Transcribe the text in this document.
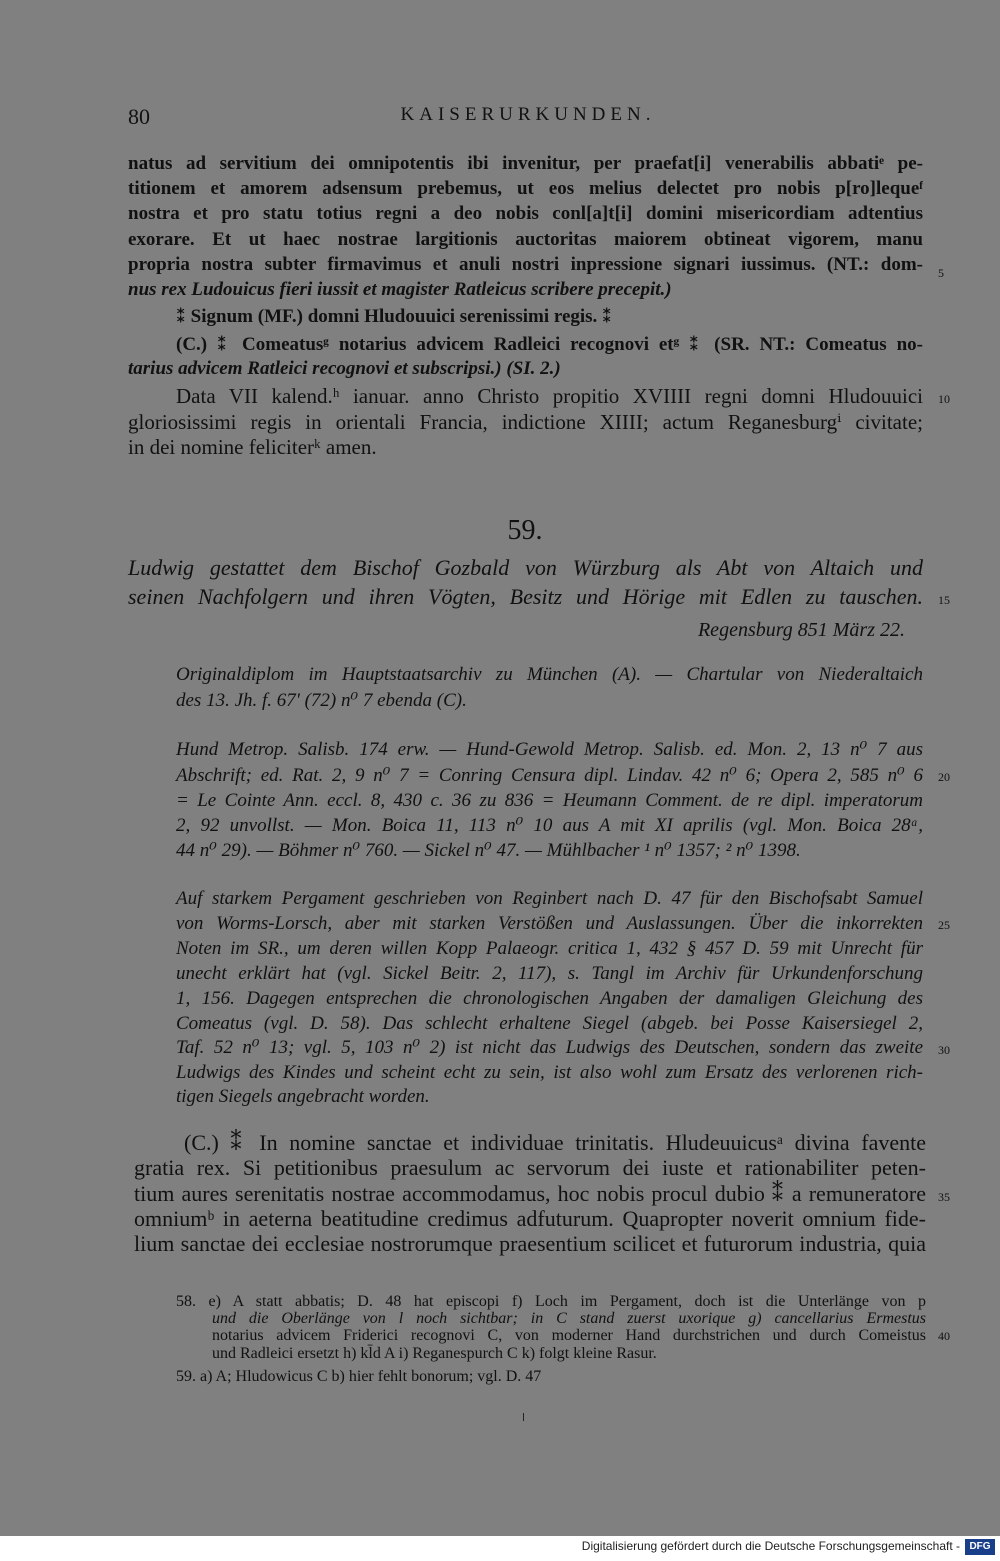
80	KAISERURKUNDEN.
natus ad servitium dei omnipotentis ibi invenitur, per praefat[i] venerabilis abbatiᵉ pe-
titionem et amorem adsensum prebemus, ut eos melius delectet pro nobis p[ro]lequeᶠ
nostra et pro statu totius regni a deo nobis conl[a]t[i] domini misericordiam adtentius
exorare. Et ut haec nostrae largitionis auctoritas maiorem obtineat vigorem, manu
propria nostra subter firmavimus et anuli nostri inpressione signari iussimus. (NT.: dom-
nus rex Ludouicus fieri iussit et magister Ratleicus scribere precepit.)
⁑ Signum (MF.) domni Hludouuici serenissimi regis. ⁑
(C.) ⁑ Comeatusᵍ notarius advicem Radleici recognovi etᵍ ⁑ (SR. NT.: Comeatus no-
tarius advicem Ratleici recognovi et subscripsi.) (SI. 2.)
Data VII kalend.ʰ ianuar. anno Christo propitio XVIIII regni domni Hludouuici
gloriosissimi regis in orientali Francia, indictione XIIII; actum Reganesburgⁱ civitate;
in dei nomine feliciterᵏ amen.
59.
Ludwig gestattet dem Bischof Gozbald von Würzburg als Abt von Altaich und
seinen Nachfolgern und ihren Vögten, Besitz und Hörige mit Edlen zu tauschen.
Regensburg 851 März 22.
Originaldiplom im Hauptstaatsarchiv zu München (A). — Chartular von Niederaltaich
des 13. Jh. f. 67' (72) n⁰ 7 ebenda (C).
Hund Metrop. Salisb. 174 erw. — Hund-Gewold Metrop. Salisb. ed. Mon. 2, 13 n⁰ 7 aus
Abschrift; ed. Rat. 2, 9 n⁰ 7 = Conring Censura dipl. Lindav. 42 n⁰ 6; Opera 2, 585 n⁰ 6
= Le Cointe Ann. eccl. 8, 430 c. 36 zu 836 = Heumann Comment. de re dipl. imperatorum
2, 92 unvollst. — Mon. Boica 11, 113 n⁰ 10 aus A mit XI aprilis (vgl. Mon. Boica 28ᵃ,
44 n⁰ 29). — Böhmer n⁰ 760. — Sickel n⁰ 47. — Mühlbacher ¹ n⁰ 1357; ² n⁰ 1398.
Auf starkem Pergament geschrieben von Reginbert nach D. 47 für den Bischofsabt Samuel
von Worms-Lorsch, aber mit starken Verstößen und Auslassungen. Über die inkorrekten
Noten im SR., um deren willen Kopp Palaeogr. critica 1, 432 § 457 D. 59 mit Unrecht für
unecht erklärt hat (vgl. Sickel Beitr. 2, 117), s. Tangl im Archiv für Urkundenforschung
1, 156. Dagegen entsprechen die chronologischen Angaben der damaligen Gleichung des
Comeatus (vgl. D. 58). Das schlecht erhaltene Siegel (abgeb. bei Posse Kaisersiegel 2,
Taf. 52 n⁰ 13; vgl. 5, 103 n⁰ 2) ist nicht das Ludwigs des Deutschen, sondern das zweite
Ludwigs des Kindes und scheint echt zu sein, ist also wohl zum Ersatz des verlorenen rich-
tigen Siegels angebracht worden.
(C.) ⁑ In nomine sanctae et individuae trinitatis. Hludeuuicusᵃ divina favente
gratia rex. Si petitionibus praesulum ac servorum dei iuste et rationabiliter peten-
tium aures serenitatis nostrae accommodamus, hoc nobis procul dubio ⁑ a remuneratore
omniumᵇ in aeterna beatitudine credimus adfuturum. Quapropter noverit omnium fide-
lium sanctae dei ecclesiae nostrorumque praesentium scilicet et futurorum industria, quia
58. e) A statt abbatis; D. 48 hat episcopi f) Loch im Pergament, doch ist die Unterlänge von p
und die Oberlänge von l noch sichtbar; in C stand zuerst uxorique g) cancellarius Ermestus
notarius advicem Friderici recognovi C, von moderner Hand durchstrichen und durch Comeistus
und Radleici ersetzt h) kl̄d A i) Reganespurch C k) folgt kleine Rasur.
59. a) A; Hludowicus C b) hier fehlt bonorum; vgl. D. 47
5
10
15
20
25
30
35
40
Digitalisierung gefördert durch die Deutsche Forschungsgemeinschaft - DFG
